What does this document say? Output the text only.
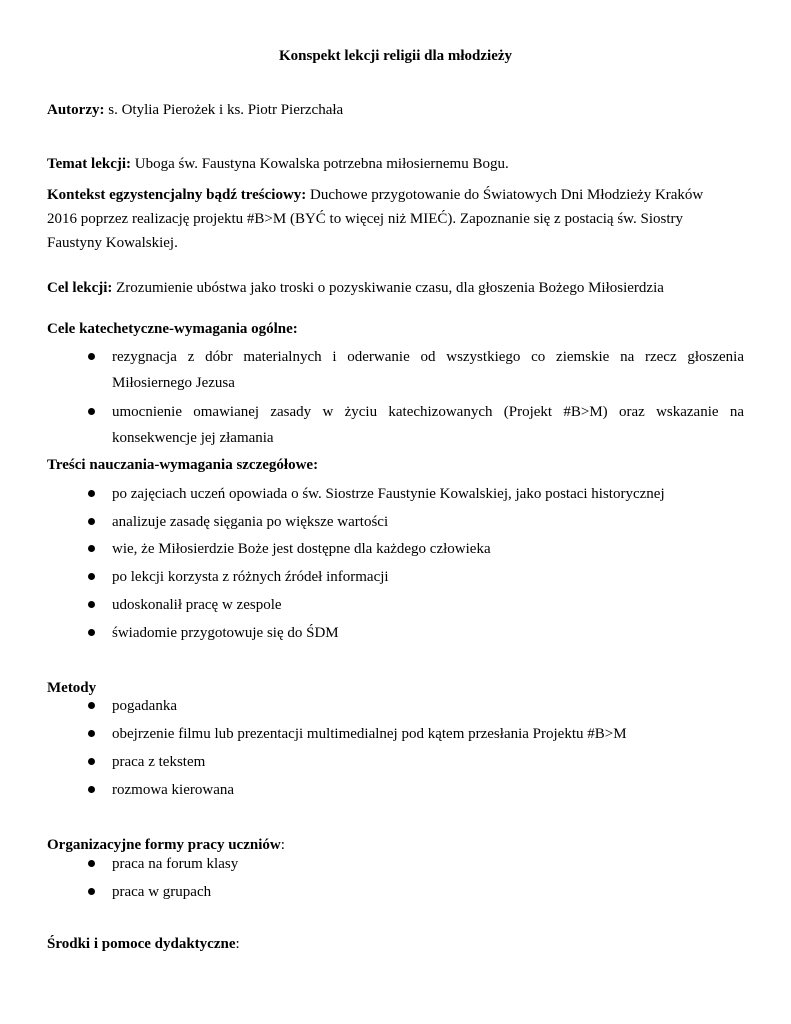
Konspekt lekcji religii dla młodzieży
Autorzy: s. Otylia Pierożek i ks. Piotr Pierzchała
Temat lekcji: Uboga św. Faustyna Kowalska potrzebna miłosiernemu Bogu.
Kontekst egzystencjalny bądź treściowy: Duchowe przygotowanie do Światowych Dni Młodzieży Kraków
2016 poprzez realizację projektu #B>M (BYĆ to więcej niż MIEĆ). Zapoznanie się z postacią św. Siostry
Faustyny Kowalskiej.
Cel lekcji: Zrozumienie ubóstwa jako troski o pozyskiwanie czasu, dla głoszenia Bożego Miłosierdzia
Cele katechetyczne-wymagania ogólne:
rezygnacja z dóbr materialnych i oderwanie od wszystkiego co ziemskie na rzecz głoszenia
Miłosiernego Jezusa
umocnienie omawianej zasady w życiu katechizowanych (Projekt #B>M) oraz wskazanie na
konsekwencje jej złamania
Treści nauczania-wymagania szczegółowe:
po zajęciach uczeń opowiada o św. Siostrze Faustynie Kowalskiej, jako postaci historycznej
analizuje zasadę sięgania po większe wartości
wie, że Miłosierdzie Boże jest dostępne dla każdego człowieka
po lekcji korzysta z różnych źródeł informacji
udoskonalił pracę w zespole
świadomie przygotowuje się do ŚDM
Metody
pogadanka
obejrzenie filmu lub prezentacji multimedialnej pod kątem przesłania Projektu #B>M
praca z tekstem
rozmowa kierowana
Organizacyjne formy pracy uczniów:
praca na forum klasy
praca w grupach
Środki i pomoce dydaktyczne:
